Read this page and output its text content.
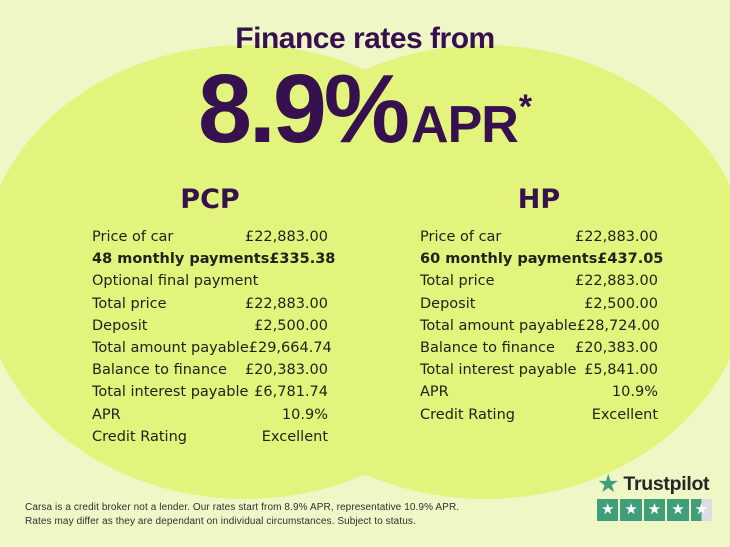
Finance rates from
8.9% APR *
PCP
Price of car	£22,883.00
48 monthly payments £335.38
Optional final payment
Total price	£22,883.00
Deposit	£2,500.00
Total amount payable £29,664.74
Balance to finance £20,383.00
Total interest payable £6,781.74
APR	10.9%
Credit Rating	Excellent
HP
Price of car	£22,883.00
60 monthly payments £437.05
Total price	£22,883.00
Deposit	£2,500.00
Total amount payable £28,724.00
Balance to finance £20,383.00
Total interest payable £5,841.00
APR	10.9%
Credit Rating	Excellent
Carsa is a credit broker not a lender. Our rates start from 8.9% APR, representative 10.9% APR.
Rates may differ as they are dependant on individual circumstances. Subject to status.
★ Trustpilot
★ ★ ★ ★ ★
